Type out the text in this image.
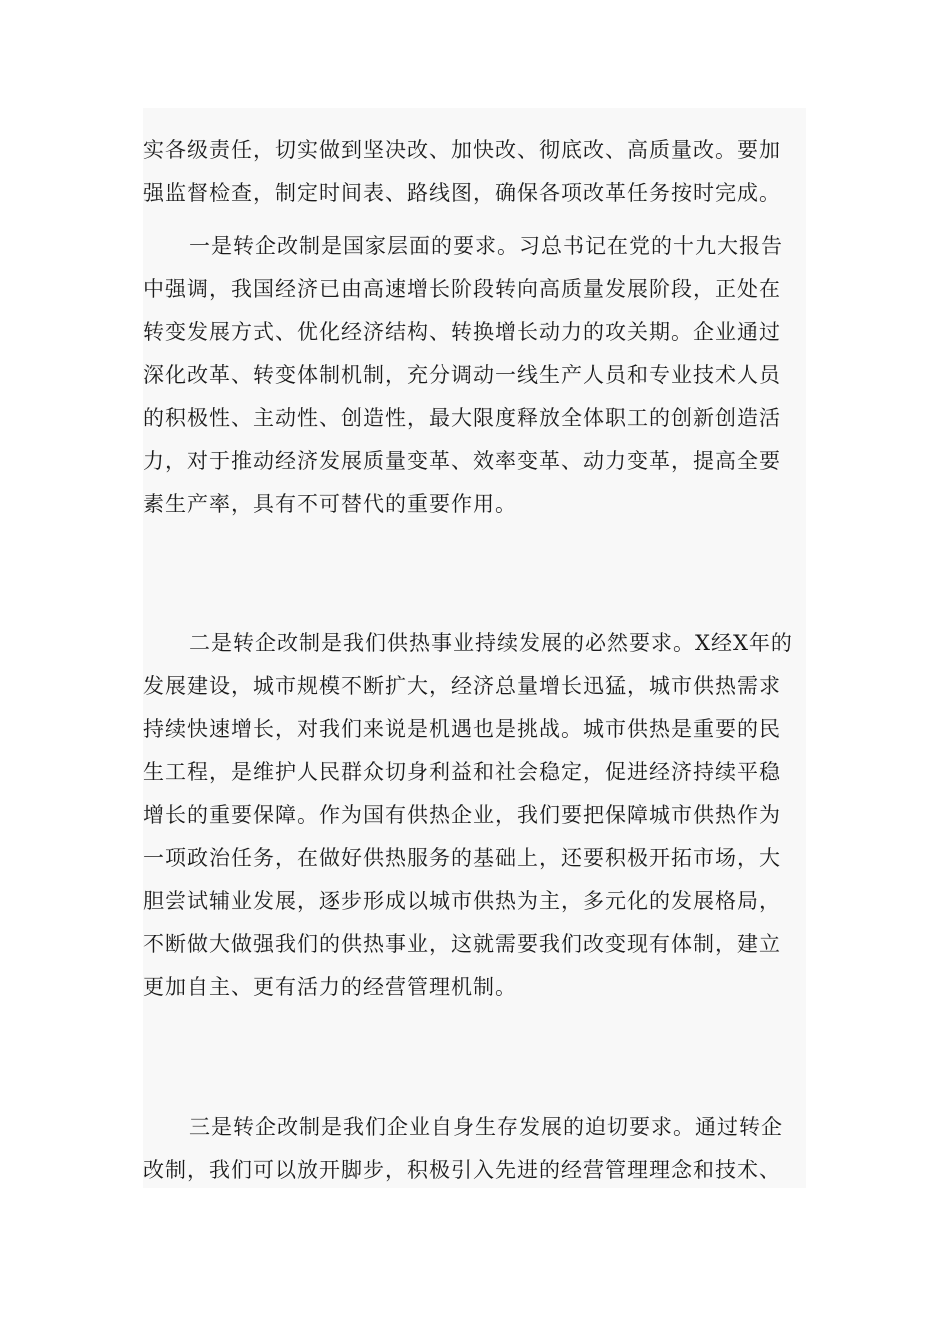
实各级责任，切实做到坚决改、加快改、彻底改、高质量改。要加
强监督检查，制定时间表、路线图，确保各项改革任务按时完成。
一是转企改制是国家层面的要求。习总书记在党的十九大报告
中强调，我国经济已由高速增长阶段转向高质量发展阶段，正处在
转变发展方式、优化经济结构、转换增长动力的攻关期。企业通过
深化改革、转变体制机制，充分调动一线生产人员和专业技术人员
的积极性、主动性、创造性，最大限度释放全体职工的创新创造活
力，对于推动经济发展质量变革、效率变革、动力变革，提高全要
素生产率，具有不可替代的重要作用。
二是转企改制是我们供热事业持续发展的必然要求。X经X年的
发展建设，城市规模不断扩大，经济总量增长迅猛，城市供热需求
持续快速增长，对我们来说是机遇也是挑战。城市供热是重要的民
生工程，是维护人民群众切身利益和社会稳定，促进经济持续平稳
增长的重要保障。作为国有供热企业，我们要把保障城市供热作为
一项政治任务，在做好供热服务的基础上，还要积极开拓市场，大
胆尝试辅业发展，逐步形成以城市供热为主，多元化的发展格局，
不断做大做强我们的供热事业，这就需要我们改变现有体制，建立
更加自主、更有活力的经营管理机制。
三是转企改制是我们企业自身生存发展的迫切要求。通过转企
改制，我们可以放开脚步，积极引入先进的经营管理理念和技术、
